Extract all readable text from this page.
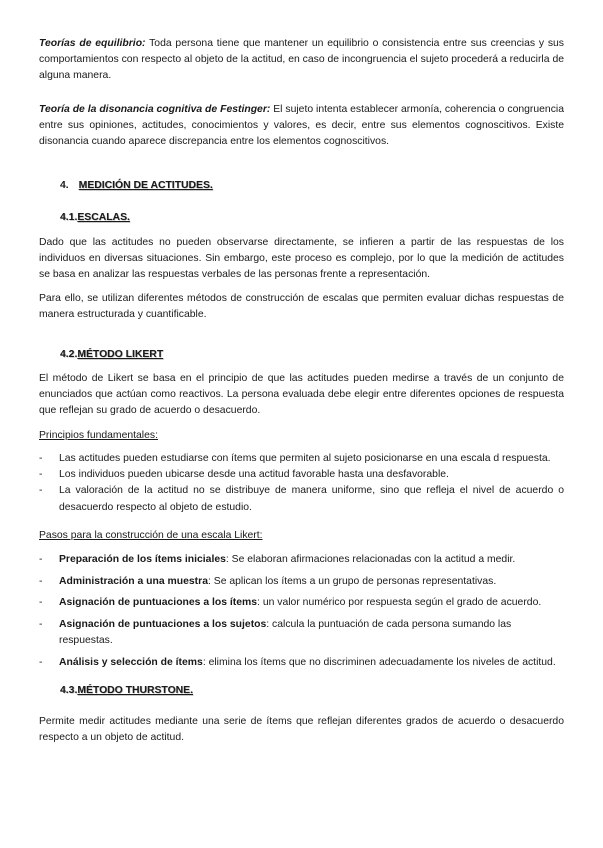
Teorías de equilibrio: Toda persona tiene que mantener un equilibrio o consistencia entre sus creencias y sus comportamientos con respecto al objeto de la actitud, en caso de incongruencia el sujeto procederá a reducirla de alguna manera.

Teoría de la disonancia cognitiva de Festinger: El sujeto intenta establecer armonía, coherencia o congruencia entre sus opiniones, actitudes, conocimientos y valores, es decir, entre sus elementos cognoscitivos. Existe disonancia cuando aparece discrepancia entre los elementos cognoscitivos.

4. MEDICIÓN DE ACTITUDES.
4.1.ESCALAS.

Dado que las actitudes no pueden observarse directamente, se infieren a partir de las respuestas de los individuos en diversas situaciones. Sin embargo, este proceso es complejo, por lo que la medición de actitudes se basa en analizar las respuestas verbales de las personas frente a representación.

Para ello, se utilizan diferentes métodos de construcción de escalas que permiten evaluar dichas respuestas de manera estructurada y cuantificable.

4.2.MÉTODO LIKERT

El método de Likert se basa en el principio de que las actitudes pueden medirse a través de un conjunto de enunciados que actúan como reactivos. La persona evaluada debe elegir entre diferentes opciones de respuesta que reflejan su grado de acuerdo o desacuerdo.

Principios fundamentales:
- Las actitudes pueden estudiarse con ítems que permiten al sujeto posicionarse en una escala d respuesta.
- Los individuos pueden ubicarse desde una actitud favorable hasta una desfavorable.
- La valoración de la actitud no se distribuye de manera uniforme, sino que refleja el nivel de acuerdo o desacuerdo respecto al objeto de estudio.
Pasos para la construcción de una escala Likert:
- Preparación de los ítems iniciales: Se elaboran afirmaciones relacionadas con la actitud a medir.
- Administración a una muestra: Se aplican los ítems a un grupo de personas representativas.
- Asignación de puntuaciones a los ítems: un valor numérico por respuesta según el grado de acuerdo.
- Asignación de puntuaciones a los sujetos: calcula la puntuación de cada persona sumando las respuestas.
- Análisis y selección de ítems: elimina los ítems que no discriminen adecuadamente los niveles de actitud.
4.3.MÉTODO THURSTONE.

Permite medir actitudes mediante una serie de ítems que reflejan diferentes grados de acuerdo o desacuerdo respecto a un objeto de actitud.
